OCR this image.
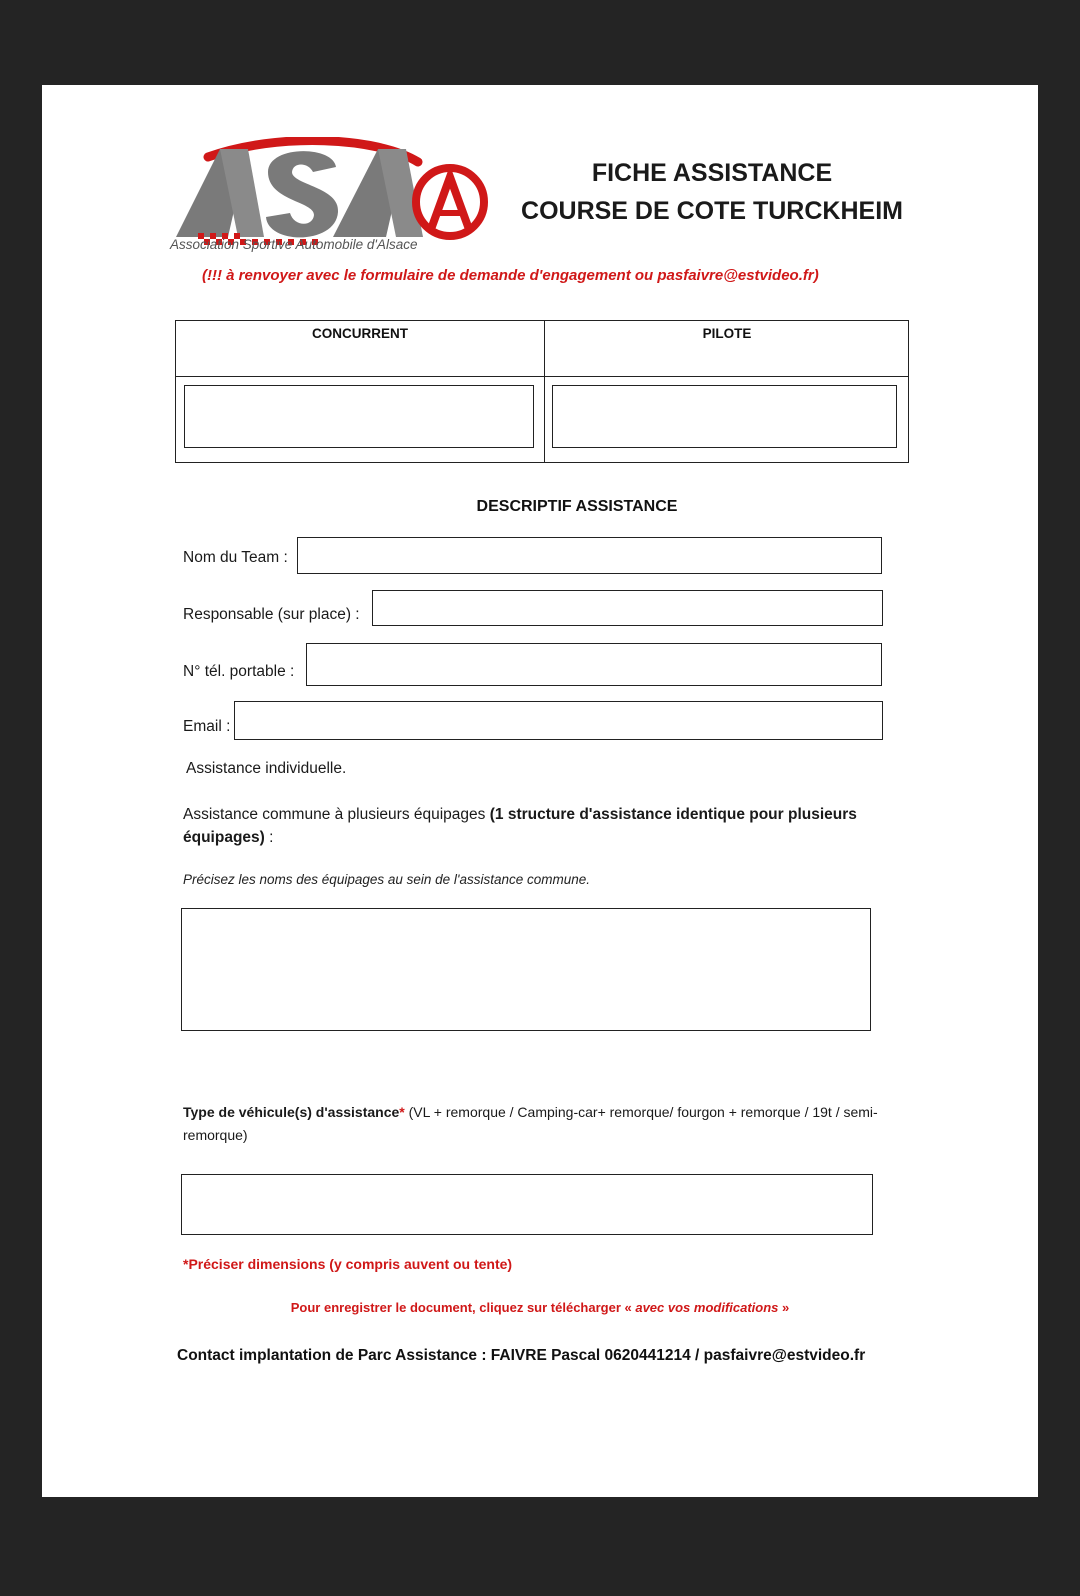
Association Sportive Automobile d'Alsace
FICHE ASSISTANCE
COURSE DE COTE TURCKHEIM
(!!! à renvoyer avec le formulaire de demande d'engagement ou pasfaivre@estvideo.fr)
CONCURRENT	PILOTE
DESCRIPTIF ASSISTANCE
Nom du Team :
Responsable (sur place) :
N° tél. portable :
Email :
Assistance individuelle.
Assistance commune à plusieurs équipages (1 structure d'assistance identique pour plusieurs équipages) :
Précisez les noms des équipages au sein de l'assistance commune.
Type de véhicule(s) d'assistance* (VL + remorque / Camping-car+ remorque/ fourgon + remorque / 19t / semi-remorque)
*Préciser dimensions (y compris auvent ou tente)
Pour enregistrer le document, cliquez sur télécharger « avec vos modifications »
Contact implantation de Parc Assistance : FAIVRE Pascal 0620441214 / pasfaivre@estvideo.fr
